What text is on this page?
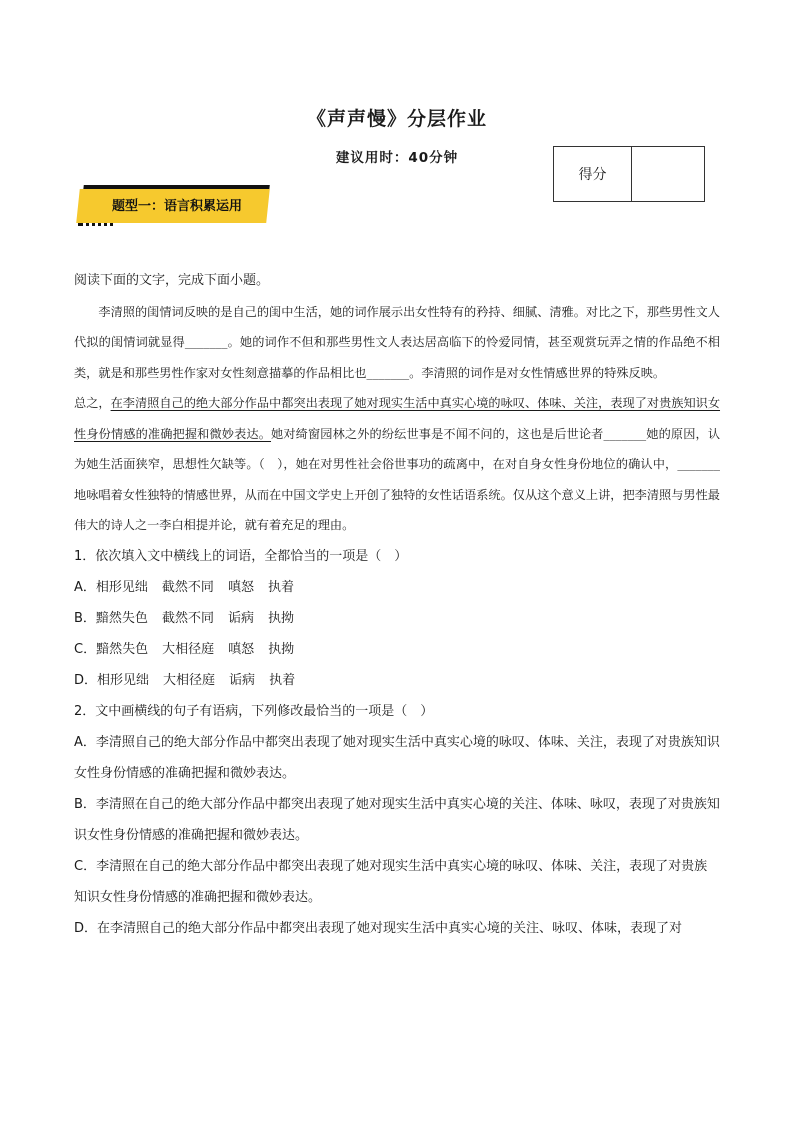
《声声慢》分层作业
建议用时：40分钟
得分
题型一：语言积累运用

阅读下面的文字，完成下面小题。

李清照的闺情词反映的是自己的闺中生活，她的词作展示出女性特有的矜持、细腻、清雅。对比之下，那些男性文人代拟的闺情词就显得_______。她的词作不但和那些男性文人表达居高临下的怜爱同情，甚至观赏玩弄之情的作品绝不相类，就是和那些男性作家对女性刻意描摹的作品相比也_______。李清照的词作是对女性情感世界的特殊反映。

总之，在李清照自己的绝大部分作品中都突出表现了她对现实生活中真实心境的咏叹、体味、关注，表现了对贵族知识女性身份情感的准确把握和微妙表达。她对绮窗园林之外的纷纭世事是不闻不问的，这也是后世论者_______她的原因，认为她生活面狭窄，思想性欠缺等。（　），她在对男性社会俗世事功的疏离中，在对自身女性身份地位的确认中，_______地咏唱着女性独特的情感世界，从而在中国文学史上开创了独特的女性话语系统。仅从这个意义上讲，把李清照与男性最伟大的诗人之一李白相提并论，就有着充足的理由。

1．依次填入文中横线上的词语，全都恰当的一项是（　）

A．相形见绌 截然不同 嗔怒 执着

B．黯然失色 截然不同 诟病 执拗

C．黯然失色 大相径庭 嗔怒 执拗

D．相形见绌 大相径庭 诟病 执着

2．文中画横线的句子有语病，下列修改最恰当的一项是（　）

A．李清照自己的绝大部分作品中都突出表现了她对现实生活中真实心境的咏叹、体味、关注，表现了对贵族知识女性身份情感的准确把握和微妙表达。

B．李清照在自己的绝大部分作品中都突出表现了她对现实生活中真实心境的关注、体味、咏叹，表现了对贵族知识女性身份情感的准确把握和微妙表达。

C．李清照在自己的绝大部分作品中都突出表现了她对现实生活中真实心境的咏叹、体味、关注，表现了对贵族知识女性身份情感的准确把握和微妙表达。

D．在李清照自己的绝大部分作品中都突出表现了她对现实生活中真实心境的关注、咏叹、体味，表现了对
